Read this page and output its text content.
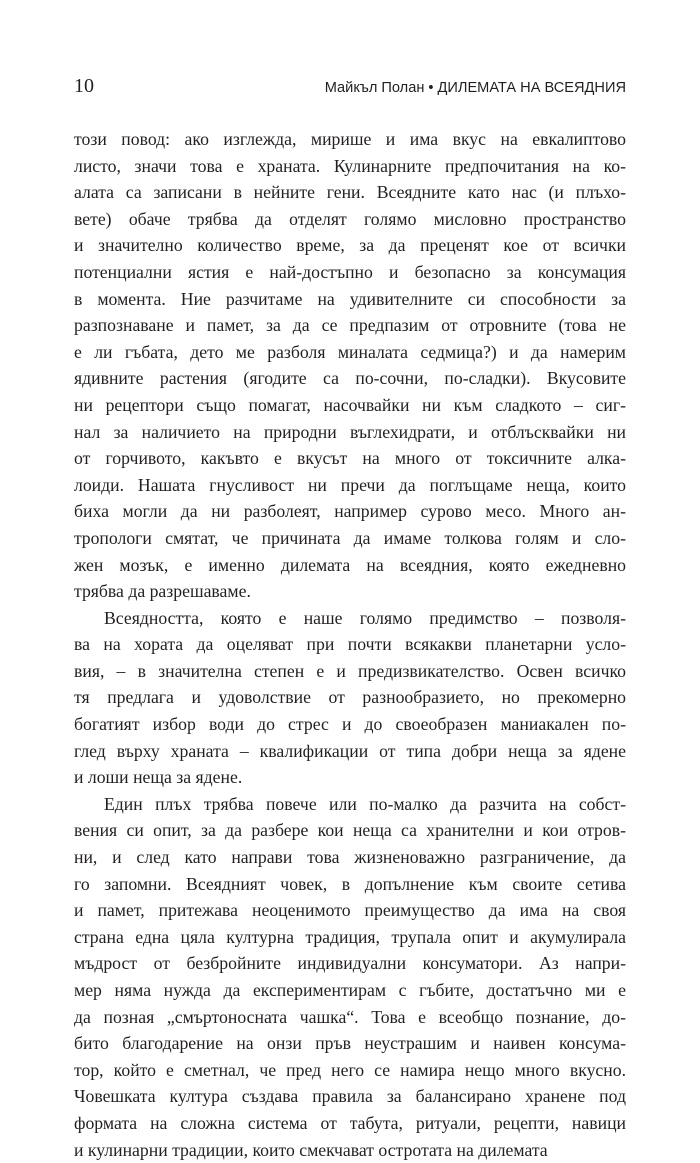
10	Майкъл Полан • ДИЛЕМАТА НА ВСЕЯДНИЯ
този повод: ако изглежда, мирише и има вкус на евкалиптово
листо, значи това е храната. Кулинарните предпочитания на ко-
алата са записани в нейните гени. Всеядните като нас (и плъхо-
ветe) обаче трябва да отделят голямо мисловно пространство
и значително количество време, за да преценят кое от всички
потенциални ястия е най-достъпно и безопасно за консумация
в момента. Ние разчитаме на удивителните си способности за
разпознаване и памет, за да се предпазим от отровните (това не
е ли гъбата, дето ме разболя миналата седмица?) и да намерим
ядивните растения (ягодите са по-сочни, по-сладки). Вкусовите
ни рецептори също помагат, насочвайки ни към сладкото – сиг-
нал за наличието на природни въглехидрати, и отблъсквайки ни
от горчивото, какъвто е вкусът на много от токсичните алка-
лоиди. Нашата гнусливост ни пречи да поглъщаме неща, които
биха могли да ни разболеят, например сурово месо. Много ан-
тpопологи смятат, че причината да имаме толкова голям и сло-
жен мозък, е именно дилемата на всеядния, която ежедневно
трябва да разрешаваме.
Всеядността, която е наше голямо предимство – позволя-
ва на хората да оцеляват при почти всякакви планетарни усло-
вия, – в значителна степен е и предизвикателство. Освен всичко
тя предлага и удоволствие от разнообразието, но прекомерно
богатият избор води до стрес и до своеобразен маниакален по-
глед върху храната – квалификации от типа добри неща за ядене
и лоши неща за ядене.
Един плъх трябва повече или по-малко да разчита на собст-
вения си опит, за да разбере кои неща са хранителни и кои отров-
ни, и след като направи това жизненоважно разграничение, да
го запомни. Всеядният човек, в допълнение към своите сетива
и памет, притежава неоценимото преимущество да има на своя
страна една цяла културна традиция, трупала опит и акумулирала
мъдрост от безбройните индивидуални консуматори. Аз напри-
мер няма нужда да експериментирам с гъбите, достатъчно ми е
да позная „смъртоносната чашка“. Това е всеобщо познание, до-
бито благодарение на онзи пръв неустрашим и наивен консума-
тор, който е сметнал, че пред него се намира нещо много вкусно.
Човешката култура създава правила за балансирано хранене под
формата на сложна система от табута, ритуали, рецепти, навици
и кулинарни традиции, които смекчават остротата на дилемата
